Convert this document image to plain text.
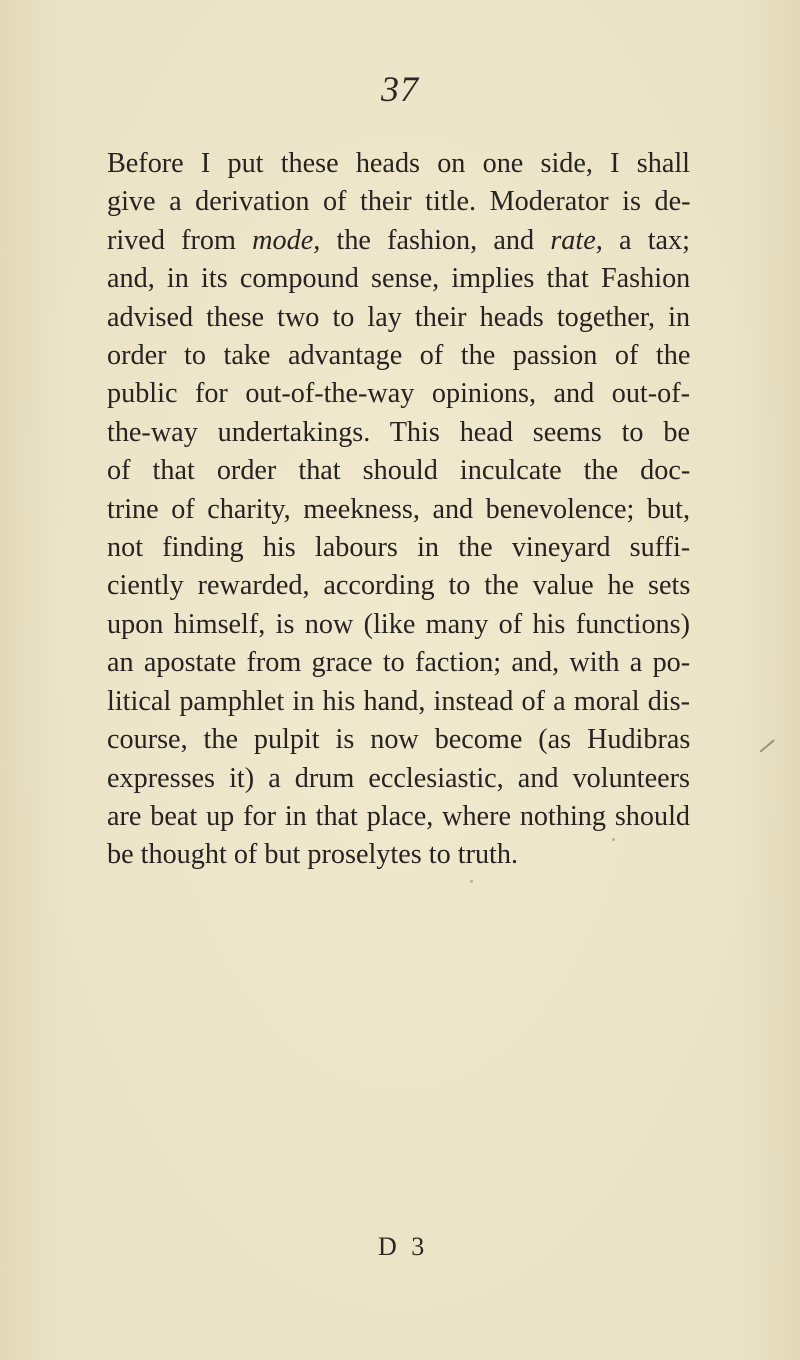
37
Before I put these heads on one side, I shall
give a derivation of their title. Moderator is de-
rived from mode, the fashion, and rate, a tax;
and, in its compound sense, implies that Fashion
advised these two to lay their heads together, in
order to take advantage of the passion of the
public for out-of-the-way opinions, and out-of-
the-way undertakings. This head seems to be
of that order that should inculcate the doc-
trine of charity, meekness, and benevolence; but,
not finding his labours in the vineyard suffi-
ciently rewarded, according to the value he sets
upon himself, is now (like many of his functions)
an apostate from grace to faction; and, with a po-
litical pamphlet in his hand, instead of a moral dis-
course, the pulpit is now become (as Hudibras
expresses it) a drum ecclesiastic, and volunteers
are beat up for in that place, where nothing should
be thought of but proselytes to truth.
D 3
